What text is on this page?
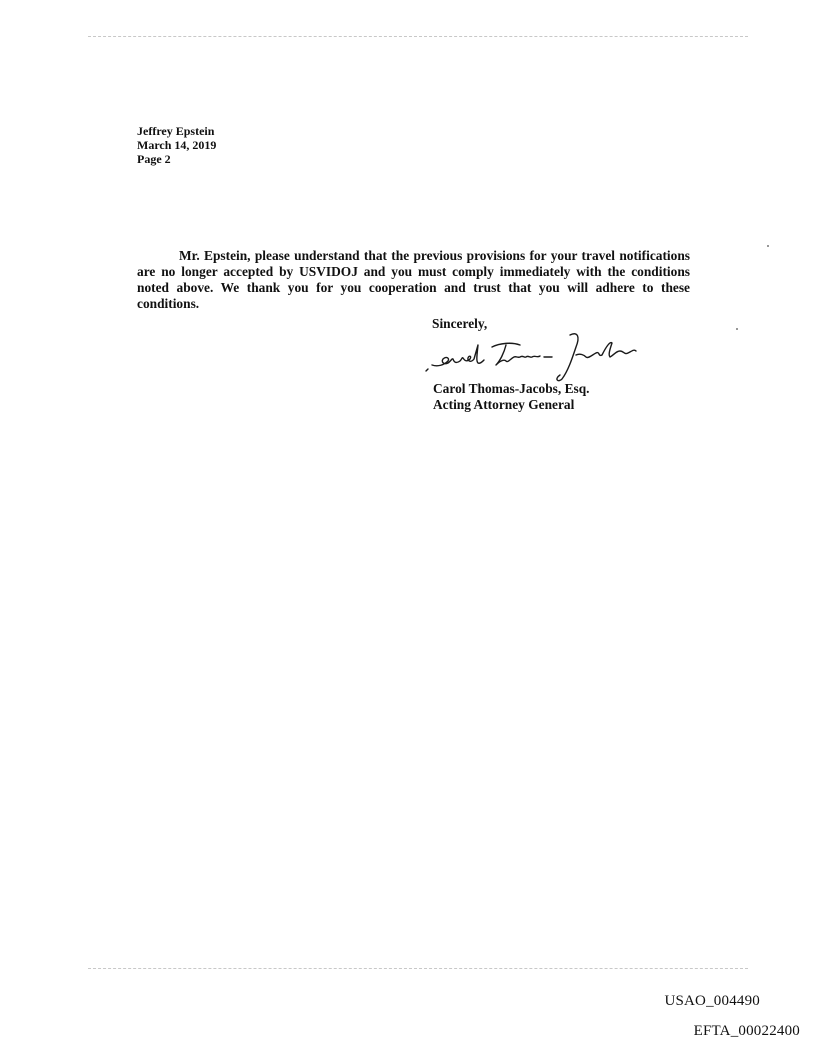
Jeffrey Epstein
March 14, 2019
Page 2
Mr. Epstein, please understand that the previous provisions for your travel notifications are no longer accepted by USVIDOJ and you must comply immediately with the conditions noted above. We thank you for you cooperation and trust that you will adhere to these conditions.
Sincerely,
Carol Thomas-Jacobs, Esq.
Acting Attorney General
USAO_004490
EFTA_00022400
